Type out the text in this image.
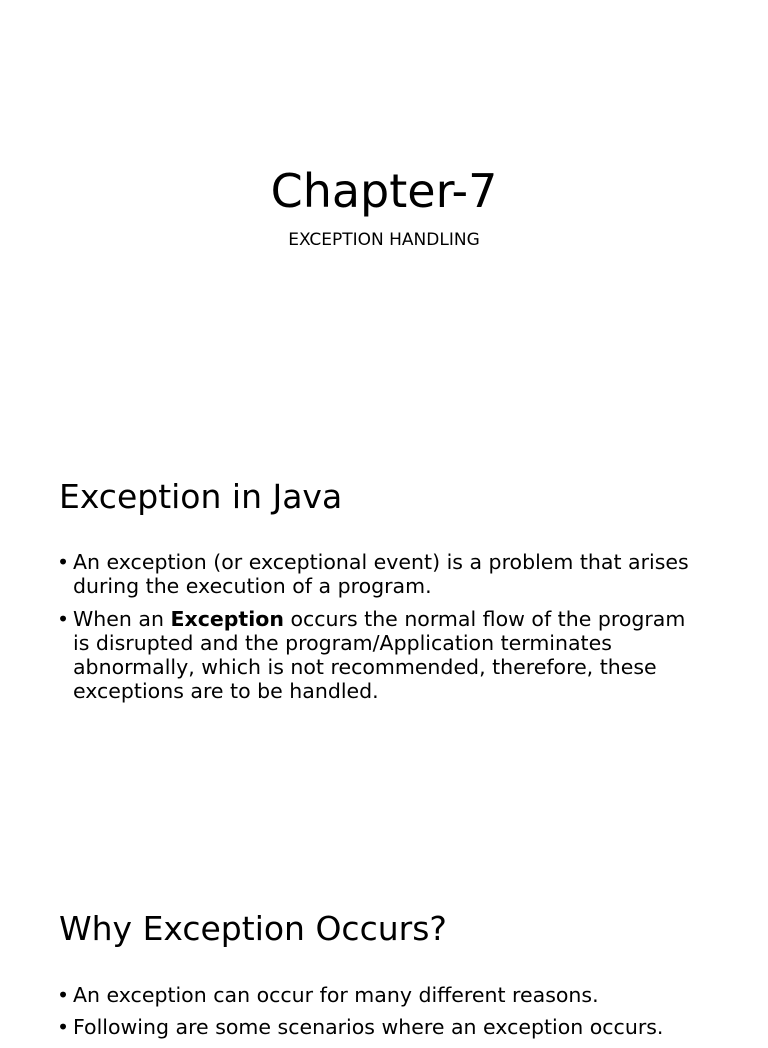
Chapter-7

EXCEPTION HANDLING

Exception in Java
• An exception (or exceptional event) is a problem that arises during the execution of a program.
• When an Exception occurs the normal flow of the program is disrupted and the program/Application terminates abnormally, which is not recommended, therefore, these exceptions are to be handled.
Why Exception Occurs?
• An exception can occur for many different reasons.
• Following are some scenarios where an exception occurs.
